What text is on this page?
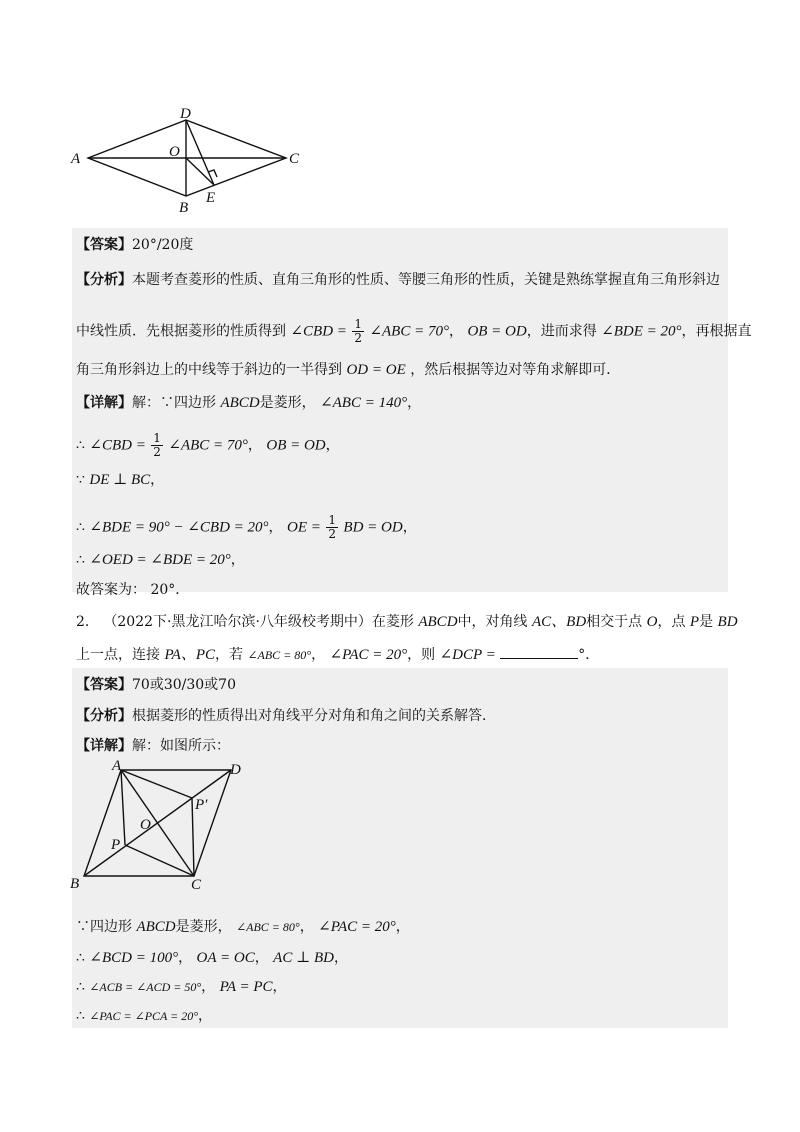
A
D
C
B
O
E
【答案】20°/20度
【分析】本题考查菱形的性质、直角三角形的性质、等腰三角形的性质，关键是熟练掌握直角三角形斜边
中线性质．先根据菱形的性质得到 ∠CBD = $\frac{1}{2}$ ∠ABC = 70°， OB = OD，进而求得 ∠BDE = 20°，再根据直
角三角形斜边上的中线等于斜边的一半得到 OD = OE ，然后根据等边对等角求解即可．
【详解】解：∵四边形 ABCD是菱形， ∠ABC = 140°，
∴ ∠CBD = $\frac{1}{2}$ ∠ABC = 70°， OB = OD，
∵ DE ⊥ BC，
∴ ∠BDE = 90° − ∠CBD = 20°， OE = $\frac{1}{2}$ BD = OD，
∴ ∠OED = ∠BDE = 20°，
故答案为： 20°．
2． （2022下·黑龙江哈尔滨·八年级校考期中）在菱形 ABCD中，对角线 AC、BD相交于点 O，点 P是 BD
上一点，连接 PA、PC，若 ∠ABC = 80°， ∠PAC = 20°，则 ∠DCP =	°．
【答案】70或30/30或70
【分析】根据菱形的性质得出对角线平分对角和角之间的关系解答．
【详解】解：如图所示：
A	D
C
B
O
P
P′
∵四边形 ABCD是菱形， ∠ABC = 80°， ∠PAC = 20°，
∴ ∠BCD = 100°， OA = OC， AC ⊥ BD，
∴ ∠ACB = ∠ACD = 50°， PA = PC，
∴ ∠PAC = ∠PCA = 20°，
